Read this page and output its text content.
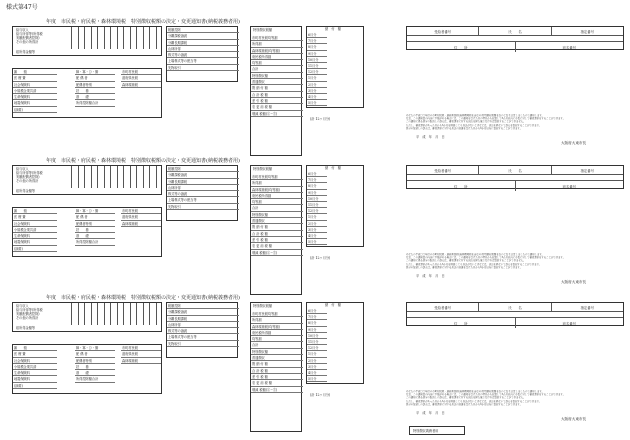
様式第47号
年度　市民税・府民税・森林環境税　特別徴収税額の決定・変更通知書(納税義務者用)
給与収入
給与所得等(所得税
実額配偶者控除)
その他の所得計
総所得金額等
雑　　損
医 療 費
社会保険料
小規模企業共済
生命保険料
地震保険料
(摘要)
障・寡・ひ・勤
配 偶 者
配偶者特別
扶　　養
基　　礎
所得控除額合計
市町村民税
道府県民税
森林環境税
税額控除
分離課税譲渡
分離長期課税
山林所得
株式等の譲渡
上場株式等の配当等
先物取引
特別徴収税額
市町村民税均等割
所得割
森林環境税(均等割)
府民税所得割
均等割
合計
特別徴収額
普通徴収
既 納 付 額
合 計 税 額
差 引 税 額
変 更 前 税 額
増減 税額(①−②)
納　付　額
6月分
7月分
8月分
9月分
10月分
11月分
12月分
1月分
2月分
3月分
4月分
5月分
(計 12ヶ月分)
受給者番号	氏　　名	指定番号
住　　所	宛名番号
あなたの平成〇〇年度の市町村民税・道府県民税(森林環境税を含む)の特別徴収税額を次のとおり決定しましたので通知します。
なお、この通知書の内容に不服がある場合には、この通知を受けた日の翌日から起算して3か月以内に市長に対して審査請求をすることができます。
この通知に係る処分の取消しの訴えは、審査請求に対する裁決を経た後でなければ提起することができません。
ただし、審査請求があった日から3か月を経過しても裁決がないときなどは、裁決を経ないで訴えを提起することができます。
処分の取消しの訴えは、審査請求に対する裁決の送達を受けた日から6か月以内に提起することができます。
平　成　年　月　日
大阪府大東市長
年度　市民税・府民税・森林環境税　特別徴収税額の決定・変更通知書(納税義務者用)
給与収入
給与所得等(所得税
実額配偶者控除)
その他の所得計
総所得金額等
雑　　損
医 療 費
社会保険料
小規模企業共済
生命保険料
地震保険料
(摘要)
障・寡・ひ・勤
配 偶 者
配偶者特別
扶　　養
基　　礎
所得控除額合計
市町村民税
道府県民税
森林環境税
税額控除
分離課税譲渡
分離長期課税
山林所得
株式等の譲渡
上場株式等の配当等
先物取引
特別徴収税額
市町村民税均等割
所得割
森林環境税(均等割)
府民税所得割
均等割
合計
特別徴収額
普通徴収
既 納 付 額
合 計 税 額
差 引 税 額
変 更 前 税 額
増減 税額(①−②)
納　付　額
6月分
7月分
8月分
9月分
10月分
11月分
12月分
1月分
2月分
3月分
4月分
5月分
(計 12ヶ月分)
受給者番号	氏　　名	指定番号
住　　所	宛名番号
あなたの平成〇〇年度の市町村民税・道府県民税(森林環境税を含む)の特別徴収税額を次のとおり決定しましたので通知します。
なお、この通知書の内容に不服がある場合には、この通知を受けた日の翌日から起算して3か月以内に市長に対して審査請求をすることができます。
この通知に係る処分の取消しの訴えは、審査請求に対する裁決を経た後でなければ提起することができません。
ただし、審査請求があった日から3か月を経過しても裁決がないときなどは、裁決を経ないで訴えを提起することができます。
処分の取消しの訴えは、審査請求に対する裁決の送達を受けた日から6か月以内に提起することができます。
平　成　年　月　日
大阪府大東市長
年度　市民税・府民税・森林環境税　特別徴収税額の決定・変更通知書(納税義務者用)
給与収入
給与所得等(所得税
実額配偶者控除)
その他の所得計
総所得金額等
雑　　損
医 療 費
社会保険料
小規模企業共済
生命保険料
地震保険料
(摘要)
障・寡・ひ・勤
配 偶 者
配偶者特別
扶　　養
基　　礎
所得控除額合計
市町村民税
道府県民税
森林環境税
税額控除
分離課税譲渡
分離長期課税
山林所得
株式等の譲渡
上場株式等の配当等
先物取引
特別徴収税額
市町村民税均等割
所得割
森林環境税(均等割)
府民税所得割
均等割
合計
特別徴収額
普通徴収
既 納 付 額
合 計 税 額
差 引 税 額
変 更 前 税 額
増減 税額(①−②)
納　付　額
6月分
7月分
8月分
9月分
10月分
11月分
12月分
1月分
2月分
3月分
4月分
5月分
(計 12ヶ月分)
受給者番号	氏　　名	指定番号
住　　所	宛名番号
あなたの平成〇〇年度の市町村民税・道府県民税(森林環境税を含む)の特別徴収税額を次のとおり決定しましたので通知します。
なお、この通知書の内容に不服がある場合には、この通知を受けた日の翌日から起算して3か月以内に市長に対して審査請求をすることができます。
この通知に係る処分の取消しの訴えは、審査請求に対する裁決を経た後でなければ提起することができません。
ただし、審査請求があった日から3か月を経過しても裁決がないときなどは、裁決を経ないで訴えを提起することができます。
処分の取消しの訴えは、審査請求に対する裁決の送達を受けた日から6か月以内に提起することができます。
平　成　年　月　日
大阪府大東市長
特別徴収義務者用
